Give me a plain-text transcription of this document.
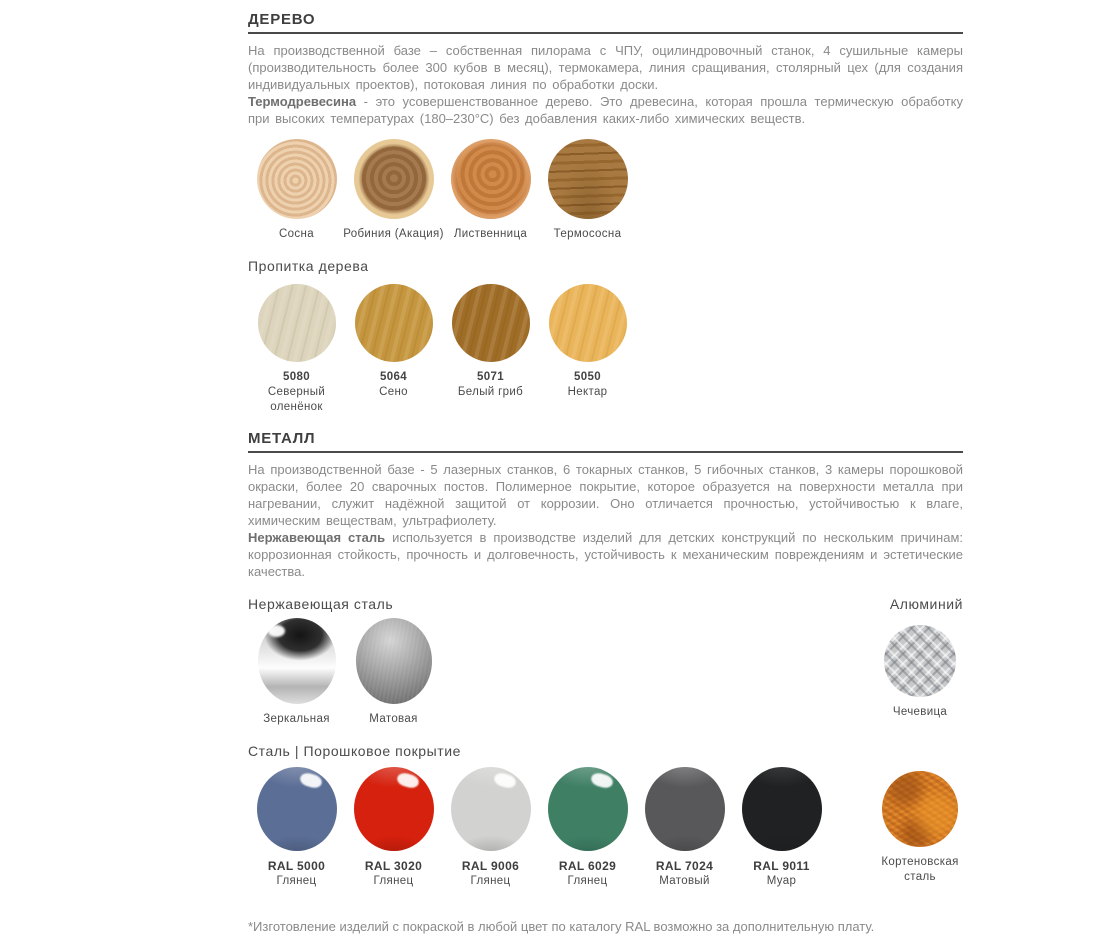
ДЕРЕВО

На производственной базе – собственная пилорама с ЧПУ, оцилиндровочный станок, 4 сушильные камеры (производительность более 300 кубов в месяц), термокамера, линия сращивания, столярный цех (для создания индивидуальных проектов), потоковая линия по обработки доски.

Термодревесина - это усовершенствованное дерево. Это древесина, которая прошла термическую обработку при высоких температурах (180–230°С) без добавления каких-либо химических веществ.

Сосна	Робиния (Акация) Лиственница Термососна
Пропитка дерева
5080
Северный оленёнок
5064
Сено
5071
Белый гриб
5050
Нектар
МЕТАЛЛ

На производственной базе - 5 лазерных станков, 6 токарных станков, 5 гибочных станков, 3 камеры порошковой окраски, более 20 сварочных постов. Полимерное покрытие, которое образуется на поверхности металла при нагревании, служит надёжной защитой от коррозии. Оно отличается прочностью, устойчивостью к влаге, химическим веществам, ультрафиолету.

Нержавеющая сталь используется в производстве изделий для детских конструкций по нескольким причинам: коррозионная стойкость, прочность и долговечность, устойчивость к механическим повреждениям и эстетические качества.

Нержавеющая сталь	Алюминий
Зеркальная	Матовая
Чечевица
Сталь | Порошковое покрытие
RAL 5000
Глянец
RAL 3020
Глянец
RAL 9006
Глянец
RAL 6029
Глянец
RAL 7024
Матовый
RAL 9011
Муар
Кортеновская сталь
*Изготовление изделий с покраской в любой цвет по каталогу RAL возможно за дополнительную плату.
